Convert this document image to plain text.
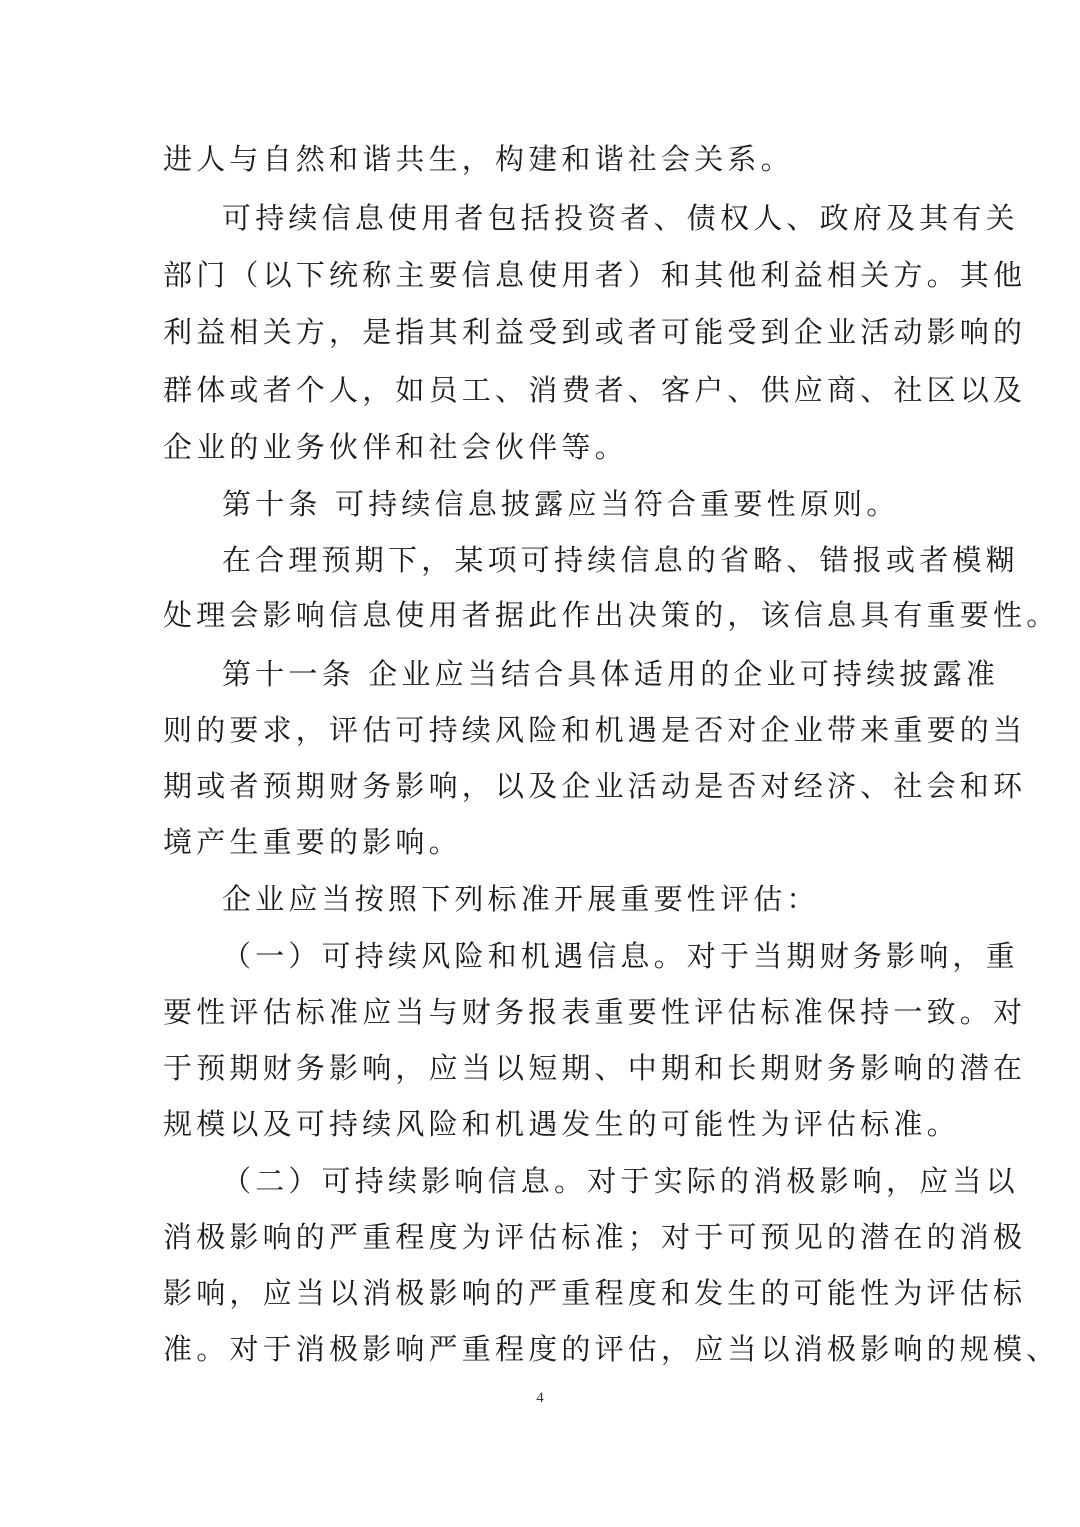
进人与自然和谐共生，构建和谐社会关系。
可持续信息使用者包括投资者、债权人、政府及其有关
部门（以下统称主要信息使用者）和其他利益相关方。其他
利益相关方，是指其利益受到或者可能受到企业活动影响的
群体或者个人，如员工、消费者、客户、供应商、社区以及
企业的业务伙伴和社会伙伴等。
第十条 可持续信息披露应当符合重要性原则。
在合理预期下，某项可持续信息的省略、错报或者模糊
处理会影响信息使用者据此作出决策的，该信息具有重要性。
第十一条 企业应当结合具体适用的企业可持续披露准
则的要求，评估可持续风险和机遇是否对企业带来重要的当
期或者预期财务影响，以及企业活动是否对经济、社会和环
境产生重要的影响。
企业应当按照下列标准开展重要性评估：
（一）可持续风险和机遇信息。对于当期财务影响，重
要性评估标准应当与财务报表重要性评估标准保持一致。对
于预期财务影响，应当以短期、中期和长期财务影响的潜在
规模以及可持续风险和机遇发生的可能性为评估标准。
（二）可持续影响信息。对于实际的消极影响，应当以
消极影响的严重程度为评估标准；对于可预见的潜在的消极
影响，应当以消极影响的严重程度和发生的可能性为评估标
准。对于消极影响严重程度的评估，应当以消极影响的规模、
4
